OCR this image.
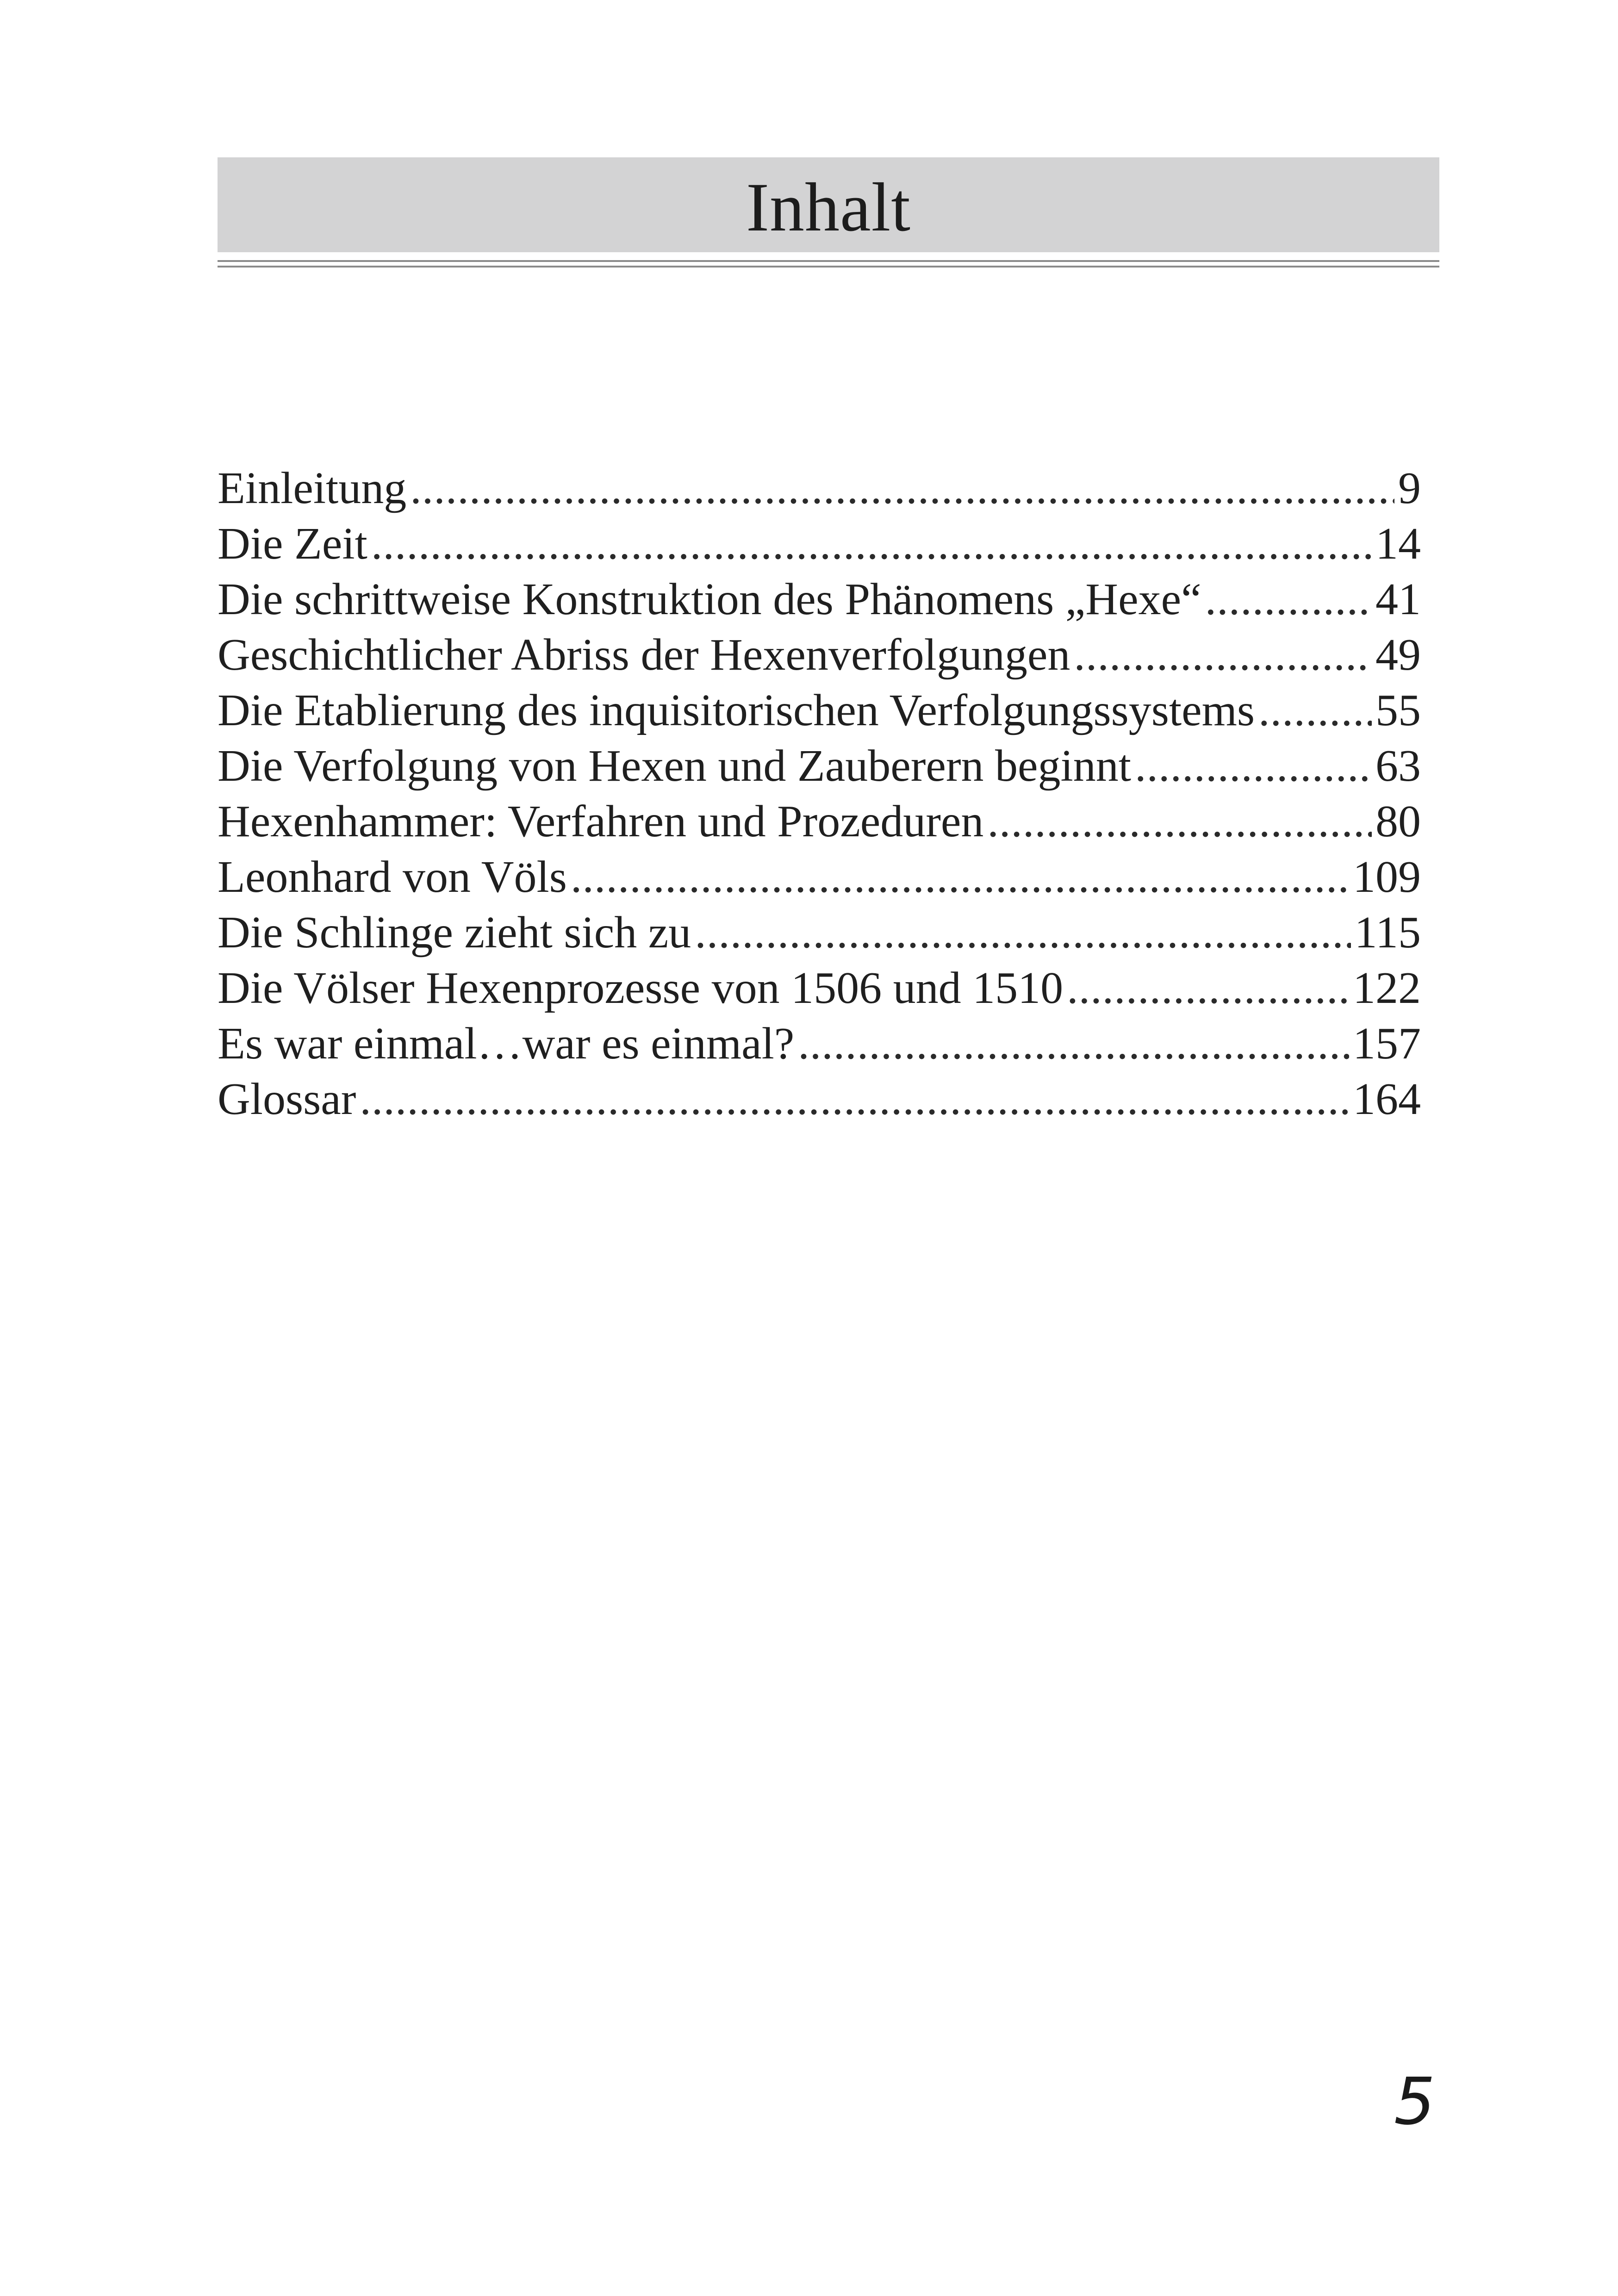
Inhalt
Einleitung .....	9
Die Zeit .....	14
Die schrittweise Konstruktion des Phänomens „Hexe“ .....	41
Geschichtlicher Abriss der Hexenverfolgungen .....	49
Die Etablierung des inquisitorischen Verfolgungssystems .....	55
Die Verfolgung von Hexen und Zauberern beginnt .....	63
Hexenhammer: Verfahren und Prozeduren .....	80
Leonhard von Völs .....	109
Die Schlinge zieht sich zu .....	115
Die Völser Hexenprozesse von 1506 und 1510 .....	122
Es war einmal…war es einmal? .....	157
Glossar .....	164
5
